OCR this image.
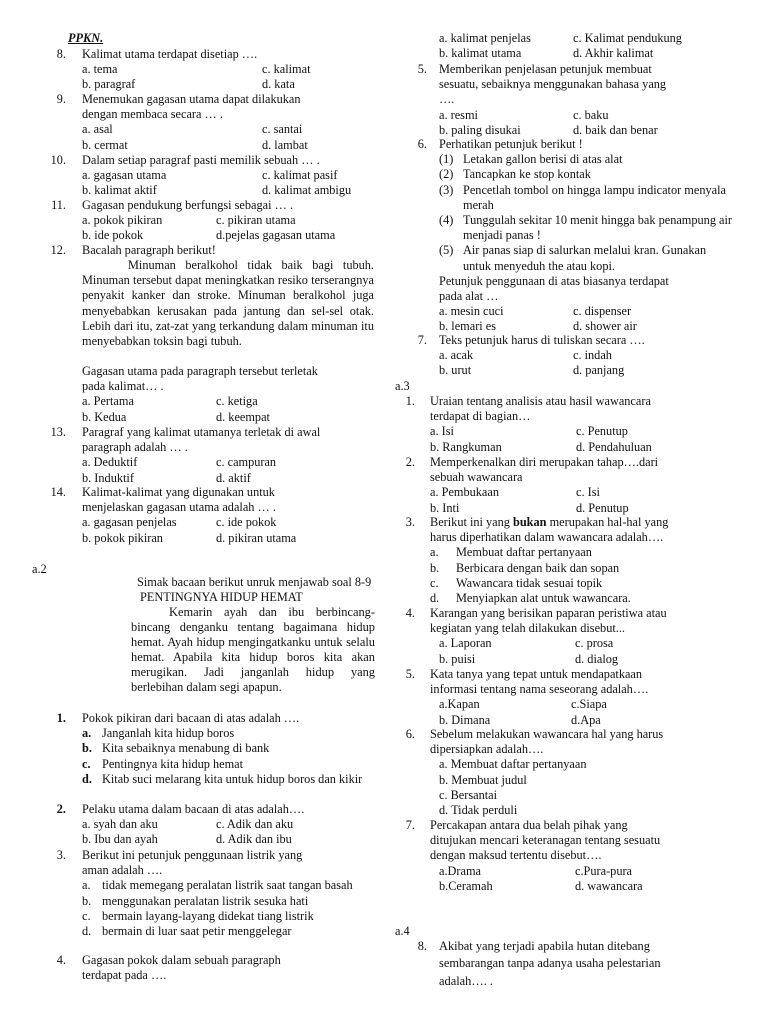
PPKN.
8. Kalimat utama terdapat disetiap ….
a. tema	c. kalimat
b. paragraf	d. kata
9. Menemukan gagasan utama dapat dilakukan
dengan membaca secara … .
a. asal	c. santai
b. cermat	d. lambat
10. Dalam setiap paragraf pasti memilik sebuah … .
a. gagasan utama	c. kalimat pasif
b. kalimat aktif	d. kalimat ambigu
11. Gagasan pendukung berfungsi sebagai … .
a. pokok pikiran	c. pikiran utama
b. ide pokok	d.pejelas gagasan utama
12. Bacalah paragraph berikut!
Minuman beralkohol tidak baik bagi tubuh. Minuman tersebut dapat meningkatkan resiko terserangnya penyakit kanker dan stroke. Minuman beralkohol juga menyebabkan kerusakan pada jantung dan sel-sel otak. Lebih dari itu, zat-zat yang terkandung dalam minuman itu menyebabkan toksin bagi tubuh.
Gagasan utama pada paragraph tersebut terletak
pada kalimat… .
a. Pertama	c. ketiga
b. Kedua	d. keempat
13. Paragraf yang kalimat utamanya terletak di awal
paragraph adalah … .
a. Deduktif	c. campuran
b. Induktif	d. aktif
14. Kalimat-kalimat yang digunakan untuk
menjelaskan gagasan utama adalah … .
a. gagasan penjelas	c. ide pokok
b. pokok pikiran	d. pikiran utama
a.2
Simak bacaan berikut unruk menjawab soal 8-9
PENTINGNYA HIDUP HEMAT
Kemarin ayah dan ibu berbincang-bincang denganku tentang bagaimana hidup hemat. Ayah hidup mengingatkanku untuk selalu hemat. Apabila kita hidup boros kita akan merugikan. Jadi janganlah hidup yang berlebihan dalam segi apapun.
1. Pokok pikiran dari bacaan di atas adalah ….
a. Janganlah kita hidup boros
b. Kita sebaiknya menabung di bank
c. Pentingnya kita hidup hemat
d. Kitab suci melarang kita untuk hidup boros dan kikir
2. Pelaku utama dalam bacaan di atas adalah….
a. syah dan aku	c. Adik dan aku
b. Ibu dan ayah	d. Adik dan ibu
3. Berikut ini petunjuk penggunaan listrik yang
aman adalah ….
a. tidak memegang peralatan listrik saat tangan basah
b. menggunakan peralatan listrik sesuka hati
c. bermain layang-layang didekat tiang listrik
d. bermain di luar saat petir menggelegar
4. Gagasan pokok dalam sebuah paragraph
terdapat pada ….
a. kalimat penjelas	c. Kalimat pendukung
b. kalimat utama	d. Akhir kalimat
5. Memberikan penjelasan petunjuk membuat
sesuatu, sebaiknya menggunakan bahasa yang
….
a. resmi	c. baku
b. paling disukai	d. baik dan benar
6. Perhatikan petunjuk berikut !
(1) Letakan gallon berisi di atas alat
(2) Tancapkan ke stop kontak
(3) Pencetlah tombol on hingga lampu indicator menyala merah
(4) Tunggulah sekitar 10 menit hingga bak penampung air menjadi panas !
(5) Air panas siap di salurkan melalui kran. Gunakan untuk menyeduh the atau kopi.
Petunjuk penggunaan di atas biasanya terdapat
pada alat …
a. mesin cuci	c. dispenser
b. lemari es	d. shower air
7. Teks petunjuk harus di tuliskan secara ….
a. acak	c. indah
b. urut	d. panjang
a.3
1. Uraian tentang analisis atau hasil wawancara
terdapat di bagian…
a. Isi	c. Penutup
b. Rangkuman	d. Pendahuluan
2. Memperkenalkan diri merupakan tahap….dari
sebuah wawancara
a. Pembukaan	c. Isi
b. Inti	d. Penutup
3. Berikut ini yang bukan merupakan hal-hal yang
harus diperhatikan dalam wawancara adalah….
a. Membuat daftar pertanyaan
b. Berbicara dengan baik dan sopan
c. Wawancara tidak sesuai topik
d. Menyiapkan alat untuk wawancara.
4. Karangan yang berisikan paparan peristiwa atau
kegiatan yang telah dilakukan disebut...
a. Laporan	c. prosa
b. puisi	d. dialog
5. Kata tanya yang tepat untuk mendapatkaan
informasi tentang nama seseorang adalah….
a.Kapan	c.Siapa
b. Dimana	d.Apa
6. Sebelum melakukan wawancara hal yang harus
dipersiapkan adalah….
a. Membuat daftar pertanyaan
b. Membuat judul
c. Bersantai
d. Tidak perduli
7. Percakapan antara dua belah pihak yang
ditujukan mencari keteranagan tentang sesuatu
dengan maksud tertentu disebut….
a.Drama	c.Pura-pura
b.Ceramah	d. wawancara
a.4
8. Akibat yang terjadi apabila hutan ditebang
sembarangan tanpa adanya usaha pelestarian
adalah…. .
